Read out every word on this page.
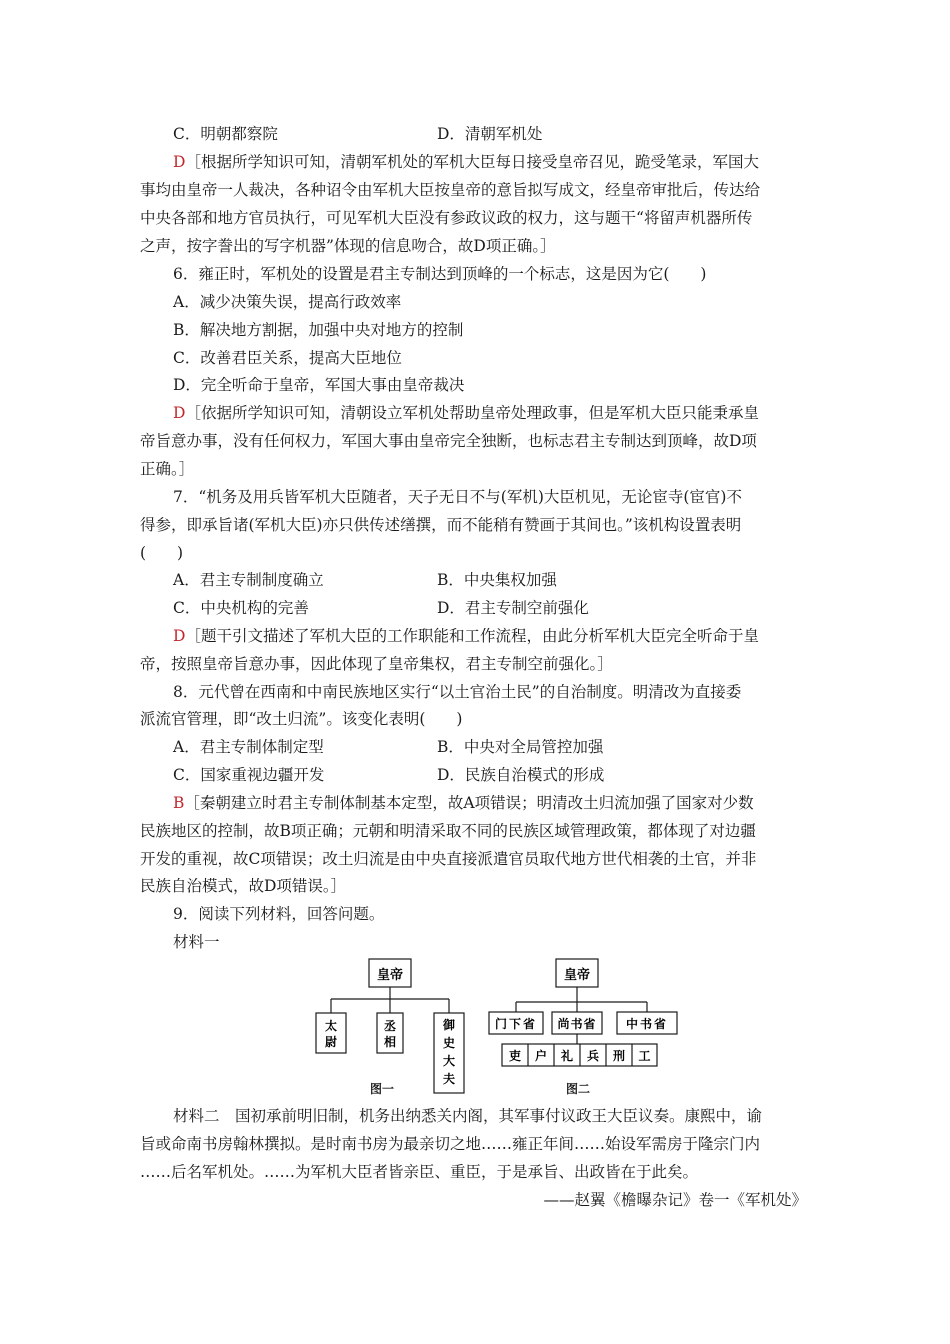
C．明朝都察院	D．清朝军机处
D［根据所学知识可知，清朝军机处的军机大臣每日接受皇帝召见，跪受笔录，军国大
事均由皇帝一人裁决，各种诏令由军机大臣按皇帝的意旨拟写成文，经皇帝审批后，传达给
中央各部和地方官员执行，可见军机大臣没有参政议政的权力，这与题干“将留声机器所传
之声，按字誊出的写字机器”体现的信息吻合，故D项正确。］
6．雍正时，军机处的设置是君主专制达到顶峰的一个标志，这是因为它(　　)
A．减少决策失误，提高行政效率
B．解决地方割据，加强中央对地方的控制
C．改善君臣关系，提高大臣地位
D．完全听命于皇帝，军国大事由皇帝裁决
D［依据所学知识可知，清朝设立军机处帮助皇帝处理政事，但是军机大臣只能秉承皇
帝旨意办事，没有任何权力，军国大事由皇帝完全独断，也标志君主专制达到顶峰，故D项
正确。］
7．“机务及用兵皆军机大臣随者，天子无日不与(军机)大臣机见，无论宦寺(宦官)不
得参，即承旨诸(军机大臣)亦只供传述缮撰，而不能稍有赞画于其间也。”该机构设置表明
(　　)
A．君主专制制度确立	B．中央集权加强
C．中央机构的完善	D．君主专制空前强化
D［题干引文描述了军机大臣的工作职能和工作流程，由此分析军机大臣完全听命于皇
帝，按照皇帝旨意办事，因此体现了皇帝集权，君主专制空前强化。］
8．元代曾在西南和中南民族地区实行“以土官治土民”的自治制度。明清改为直接委
派流官管理，即“改土归流”。该变化表明(　　)
A．君主专制体制定型	B．中央对全局管控加强
C．国家重视边疆开发	D．民族自治模式的形成
B［秦朝建立时君主专制体制基本定型，故A项错误；明清改土归流加强了国家对少数
民族地区的控制，故B项正确；元朝和明清采取不同的民族区域管理政策，都体现了对边疆
开发的重视，故C项错误；改土归流是由中央直接派遣官员取代地方世代相袭的土官，并非
民族自治模式，故D项错误。］
9．阅读下列材料，回答问题。
材料一
皇帝
太尉
丞相
御史大夫
图一
皇帝
门下省 尚书省 中书省
吏 户 礼 兵 刑 工
图二
材料二　国初承前明旧制，机务出纳悉关内阁，其军事付议政王大臣议奏。康熙中，谕
旨或命南书房翰林撰拟。是时南书房为最亲切之地……雍正年间……始设军需房于隆宗门内
……后名军机处。……为军机大臣者皆亲臣、重臣，于是承旨、出政皆在于此矣。
——赵翼《檐曝杂记》卷一《军机处》
